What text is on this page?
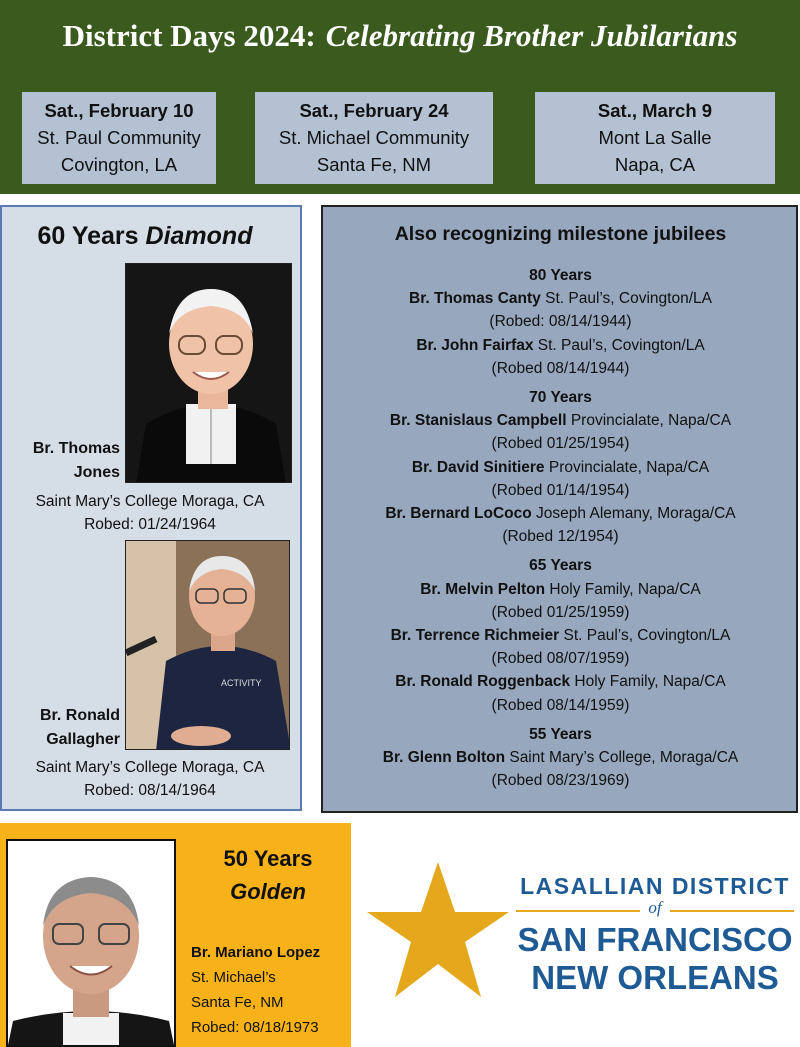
District Days 2024: Celebrating Brother Jubilarians
Sat., February 10
St. Paul Community
Covington, LA
Sat., February 24
St. Michael Community
Santa Fe, NM
Sat., March 9
Mont La Salle
Napa, CA
60 Years Diamond
Br. Thomas
Jones
Saint Mary’s College Moraga, CA
Robed: 01/24/1964
ACTIVITY
Br. Ronald
Gallagher
Saint Mary’s College Moraga, CA
Robed: 08/14/1964
Also recognizing milestone jubilees
80 Years
Br. Thomas Canty St. Paul’s, Covington/LA
(Robed: 08/14/1944)
Br. John Fairfax St. Paul’s, Covington/LA
(Robed 08/14/1944)
70 Years
Br. Stanislaus Campbell Provincialate, Napa/CA
(Robed 01/25/1954)
Br. David Sinitiere Provincialate, Napa/CA
(Robed 01/14/1954)
Br. Bernard LoCoco Joseph Alemany, Moraga/CA
(Robed 12/1954)
65 Years
Br. Melvin Pelton Holy Family, Napa/CA
(Robed 01/25/1959)
Br. Terrence Richmeier St. Paul’s, Covington/LA
(Robed 08/07/1959)
Br. Ronald Roggenback Holy Family, Napa/CA
(Robed 08/14/1959)
55 Years
Br. Glenn Bolton Saint Mary’s College, Moraga/CA
(Robed 08/23/1969)
50 Years
Golden
Br. Mariano Lopez
St. Michael’s
Santa Fe, NM
Robed: 08/18/1973
LASALLIAN DISTRICT
of
SAN FRANCISCO
NEW ORLEANS
